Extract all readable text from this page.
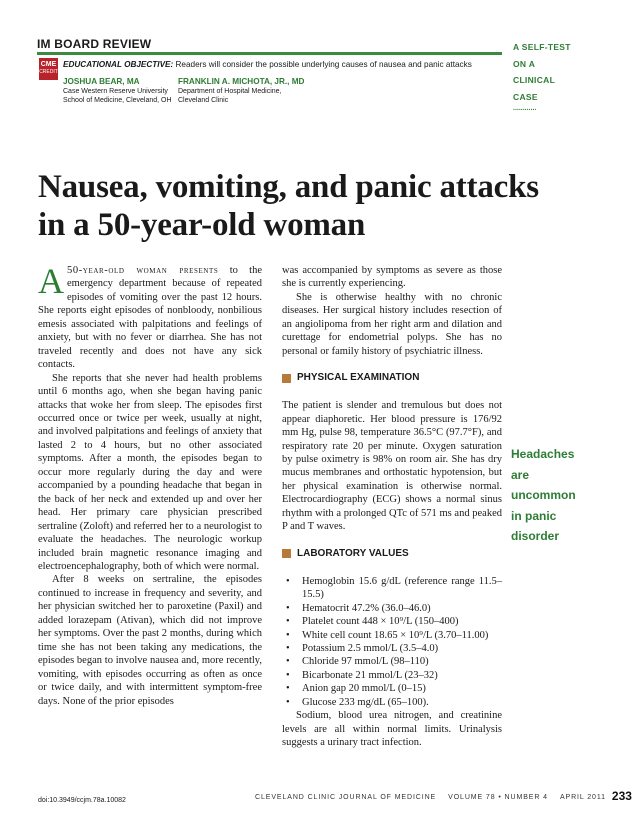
IM BOARD REVIEW
CME
CREDIT
EDUCATIONAL OBJECTIVE: Readers will consider the possible underlying causes of nausea and panic attacks
JOSHUA BEAR, MA
Case Western Reserve University
School of Medicine, Cleveland, OH
FRANKLIN A. MICHOTA, JR., MD
Department of Hospital Medicine,
Cleveland Clinic
A SELF-TEST
ON A
CLINICAL
CASE
............
Nausea, vomiting, and panic attacks
in a 50-year-old woman

A 50-year-old woman presents to the emergency department because of repeated episodes of vomiting over the past 12 hours. She reports eight episodes of nonbloody, nonbilious emesis associated with palpitations and feelings of anxiety, but with no fever or diarrhea. She has not traveled recently and does not have any sick contacts.

She reports that she never had health problems until 6 months ago, when she began having panic attacks that woke her from sleep. The episodes first occurred once or twice per week, usually at night, and involved palpitations and feelings of anxiety that lasted 2 to 4 hours, but no other associated symptoms. After a month, the episodes began to occur more regularly during the day and were accompanied by a pounding headache that began in the back of her neck and extended up and over her head. Her primary care physician prescribed sertraline (Zoloft) and referred her to a neurologist to evaluate the headaches. The neurologic workup included brain magnetic resonance imaging and electroencephalography, both of which were normal.

After 8 weeks on sertraline, the episodes continued to increase in frequency and severity, and her physician switched her to paroxetine (Paxil) and added lorazepam (Ativan), which did not improve her symptoms. Over the past 2 months, during which time she has not been taking any medications, the episodes began to involve nausea and, more recently, vomiting, with episodes occurring as often as once or twice daily, and with intermittent symptom-free days. None of the prior episodes

was accompanied by symptoms as severe as those she is currently experiencing.

She is otherwise healthy with no chronic diseases. Her surgical history includes resection of an angiolipoma from her right arm and dilation and curettage for endometrial polyps. She has no personal or family history of psychiatric illness.

PHYSICAL EXAMINATION

The patient is slender and tremulous but does not appear diaphoretic. Her blood pressure is 176/92 mm Hg, pulse 98, temperature 36.5°C (97.7°F), and respiratory rate 20 per minute. Oxygen saturation by pulse oximetry is 98% on room air. She has dry mucus membranes and orthostatic hypotension, but her physical examination is otherwise normal. Electrocardiography (ECG) shows a normal sinus rhythm with a prolonged QTc of 571 ms and peaked P and T waves.

LABORATORY VALUES
• Hemoglobin 15.6 g/dL (reference range 11.5–15.5)
• Hematocrit 47.2% (36.0–46.0)
• Platelet count 448 × 10⁹/L (150–400)
• White cell count 18.65 × 10⁹/L (3.70–11.00)
• Potassium 2.5 mmol/L (3.5–4.0)
• Chloride 97 mmol/L (98–110)
• Bicarbonate 21 mmol/L (23–32)
• Anion gap 20 mmol/L (0–15)
• Glucose 233 mg/dL (65–100).

Sodium, blood urea nitrogen, and creatinine levels are all within normal limits. Urinalysis suggests a urinary tract infection.

Headaches
are uncommon
in panic
disorder
doi:10.3949/ccjm.78a.10082	CLEVELAND CLINIC JOURNAL OF MEDICINE VOLUME 78 • NUMBER 4 APRIL 2011 233
